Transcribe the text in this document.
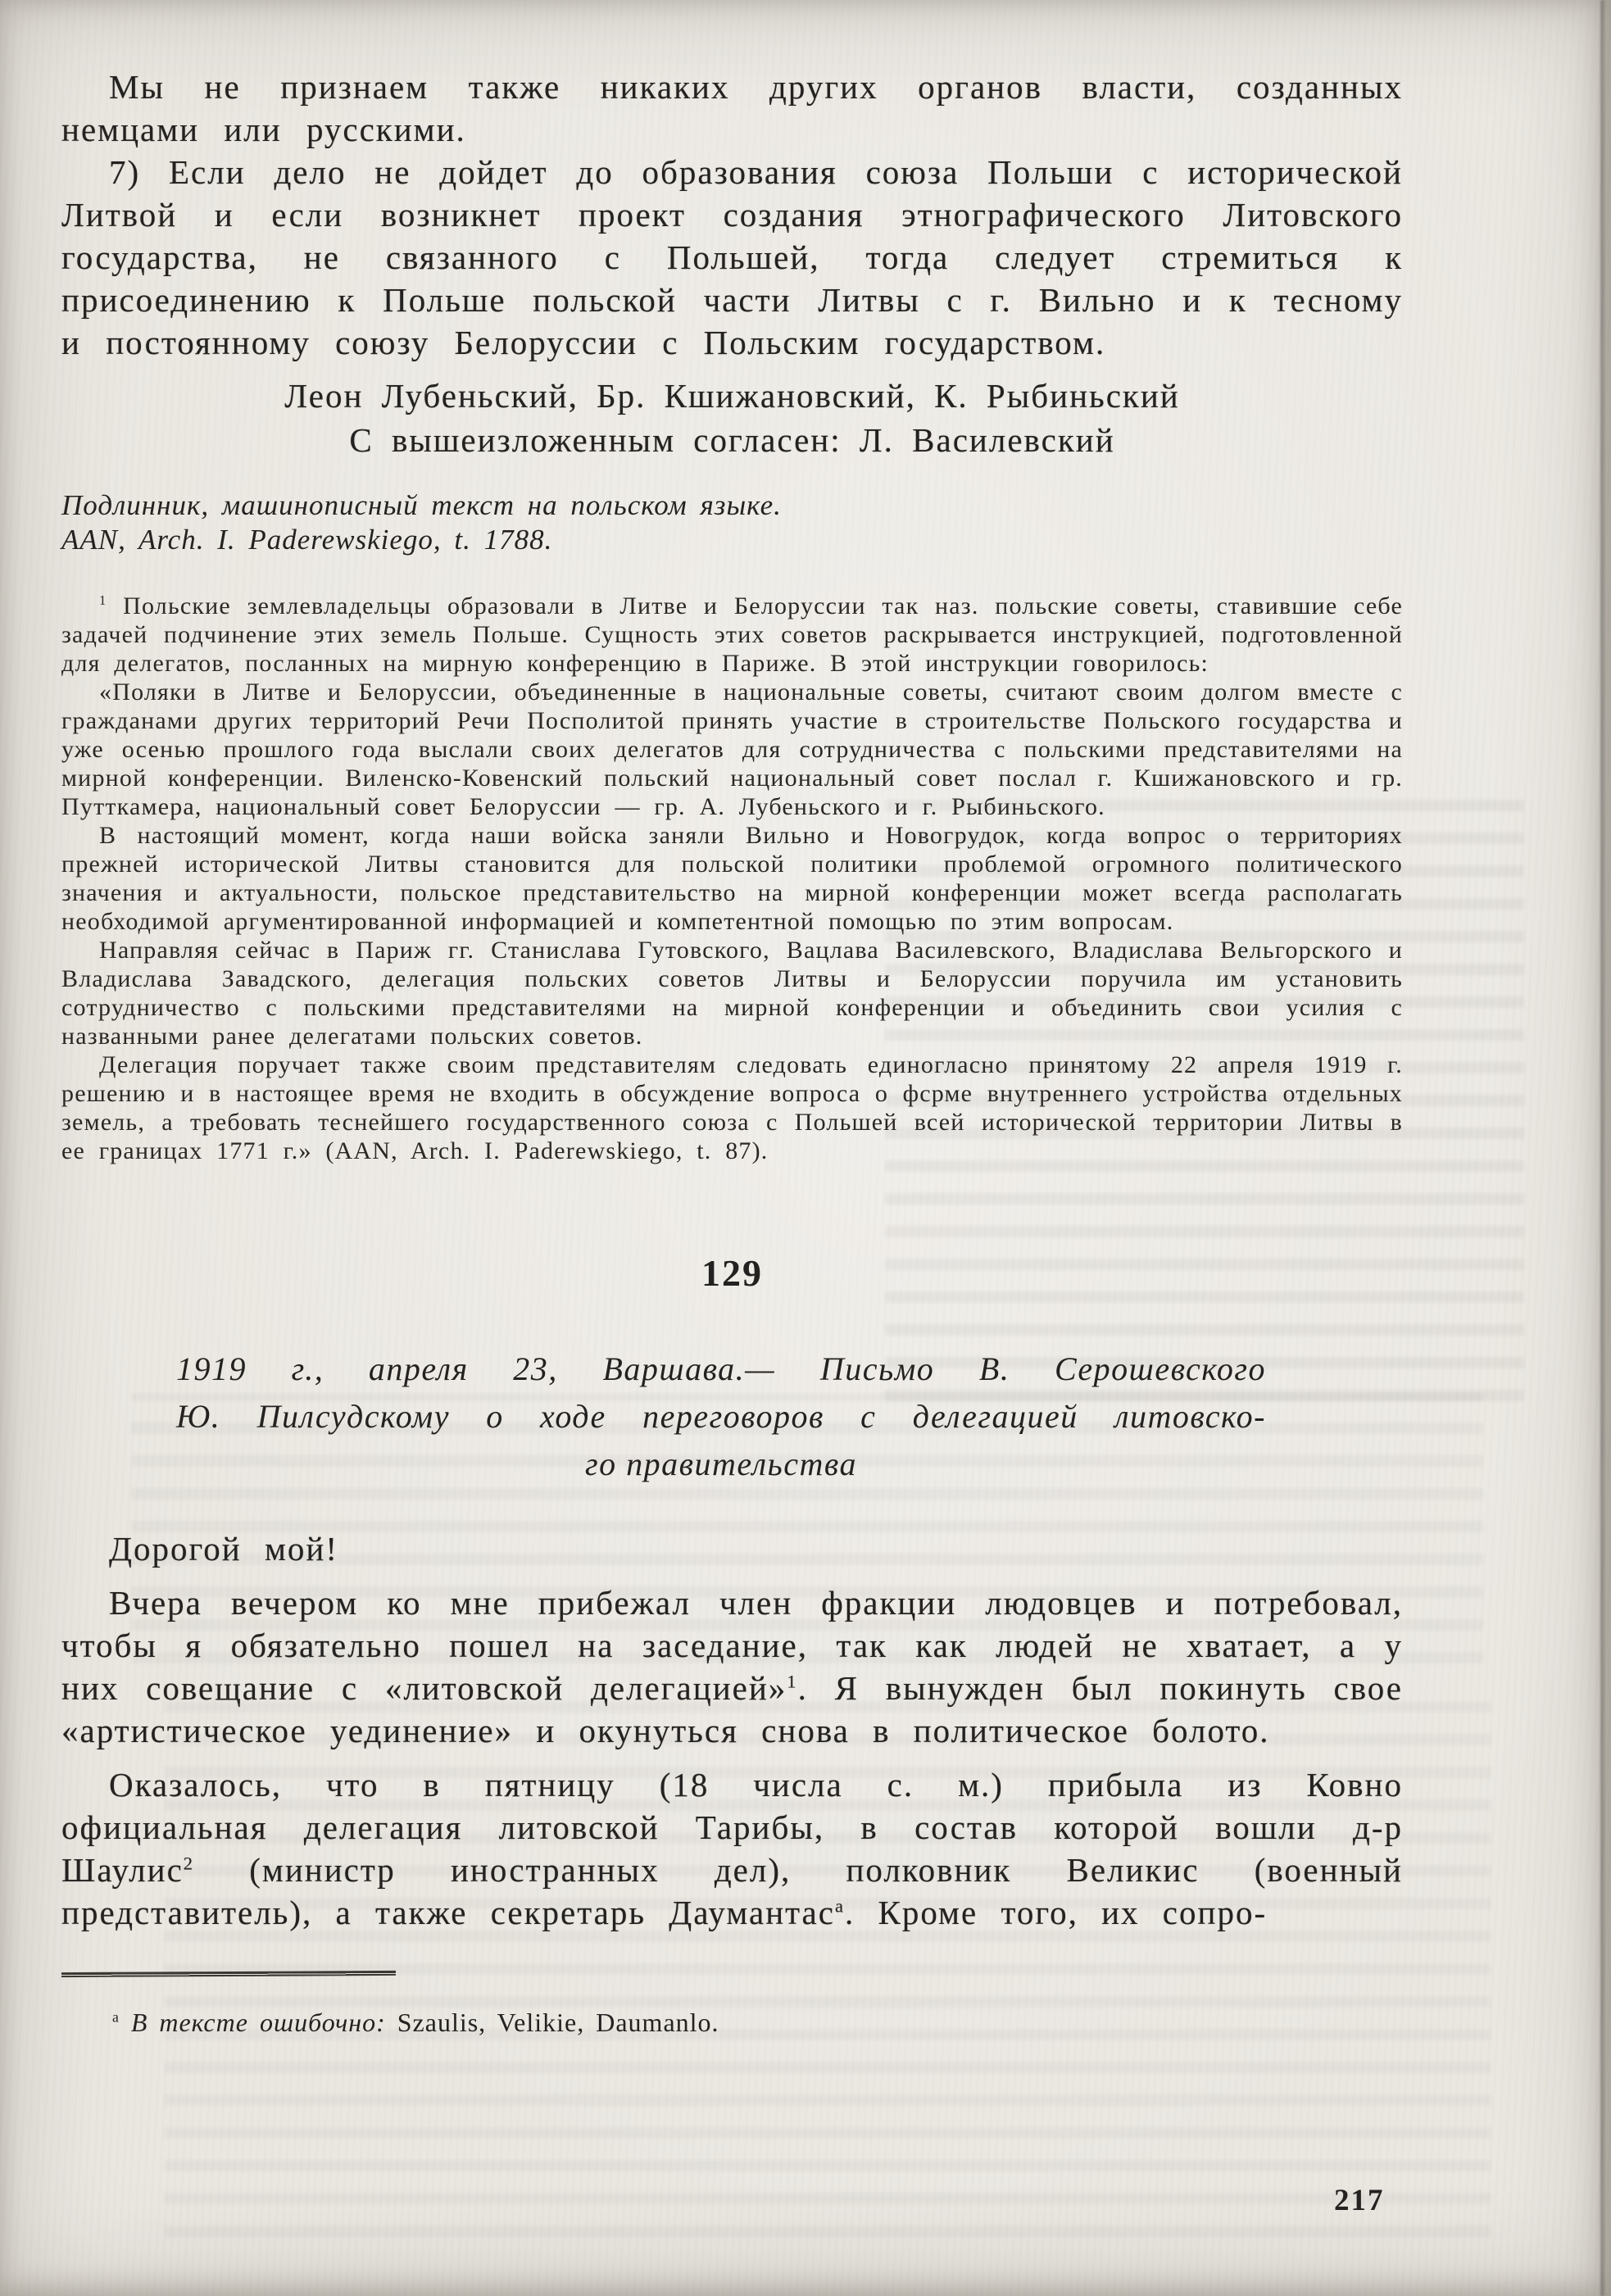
Мы не признаем также никаких других органов власти, созданных немцами или русскими.

7) Если дело не дойдет до образования союза Польши с исторической Литвой и если возникнет проект создания этнографического Литовского государства, не связанного с Польшей, тогда следует стремиться к присоединению к Польше польской части Литвы с г. Вильно и к тесному и постоянному союзу Белоруссии с Польским государством.

Леон Лубеньский, Бр. Кшижановский, К. Рыбиньский
С вышеизложенным согласен: Л. Василевский
Подлинник, машинописный текст на польском языке.
AAN, Arch. I. Paderewskiego, t. 1788.

$^1$ Польские землевладельцы образовали в Литве и Белоруссии так наз. польские советы, ставившие себе задачей подчинение этих земель Польше. Сущность этих советов раскрывается инструкцией, подготовленной для делегатов, посланных на мирную конференцию в Париже. В этой инструкции говорилось:

«Поляки в Литве и Белоруссии, объединенные в национальные советы, считают своим долгом вместе с гражданами других территорий Речи Посполитой принять участие в строительстве Польского государства и уже осенью прошлого года выслали своих делегатов для сотрудничества с польскими представителями на мирной конференции. Виленско-Ковенский польский национальный совет послал г. Кшижановского и гр. Путткамера, национальный совет Белоруссии — гр. А. Лубеньского и г. Рыбиньского.

В настоящий момент, когда наши войска заняли Вильно и Новогрудок, когда вопрос о территориях прежней исторической Литвы становится для польской политики проблемой огромного политического значения и актуальности, польское представительство на мирной конференции может всегда располагать необходимой аргументированной информацией и компетентной помощью по этим вопросам.

Направляя сейчас в Париж гг. Станислава Гутовского, Вацлава Василевского, Владислава Вельгорского и Владислава Завадского, делегация польских советов Литвы и Белоруссии поручила им установить сотрудничество с польскими представителями на мирной конференции и объединить свои усилия с названными ранее делегатами польских советов.

Делегация поручает также своим представителям следовать единогласно принятому 22 апреля 1919 г. решению и в настоящее время не входить в обсуждение вопроса о фсрме внутреннего устройства отдельных земель, а требовать теснейшего государственного союза с Польшей всей исторической территории Литвы в ее границах 1771 г.» (AAN, Arch. I. Paderewskiego, t. 87).

129
1919 г., апреля 23, Варшава.— Письмо В. Серошевского
Ю. Пилсудскому о ходе переговоров с делегацией литовско-
го правительства

Дорогой мой!

Вчера вечером ко мне прибежал член фракции людовцев и потребовал, чтобы я обязательно пошел на заседание, так как людей не хватает, а у них совещание с «литовской делегацией»$^1$. Я вынужден был покинуть свое «артистическое уединение» и окунуться снова в политическое болото.

Оказалось, что в пятницу (18 числа с. м.) прибыла из Ковно официальная делегация литовской Тарибы, в состав которой вошли д-р Шаулис$^2$ (министр иностранных дел), полковник Великис (военный представитель), а также секретарь Даумантас$^а$. Кроме того, их сопро-

$^а$ В тексте ошибочно: Szaulis, Velikie, Daumanlo.
217
